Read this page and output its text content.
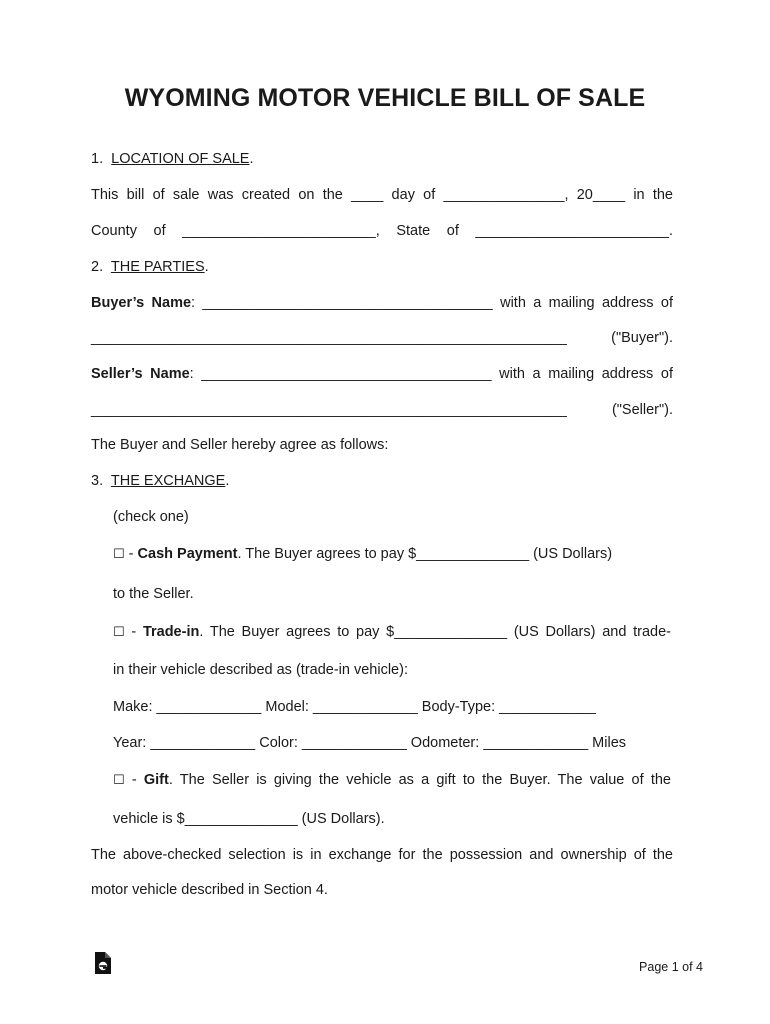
WYOMING MOTOR VEHICLE BILL OF SALE
1. LOCATION OF SALE.
This bill of sale was created on the ____ day of _______________, 20____ in the
County of ________________________, State of ________________________.
2. THE PARTIES.
Buyer’s Name: ____________________________________ with a mailing address of
___________________________________________________________ ("Buyer").
Seller’s Name: ____________________________________ with a mailing address of
___________________________________________________________ ("Seller").
The Buyer and Seller hereby agree as follows:
3. THE EXCHANGE.
(check one)
☐ - Cash Payment. The Buyer agrees to pay $______________ (US Dollars)
to the Seller.
☐ - Trade-in. The Buyer agrees to pay $______________ (US Dollars) and trade-
in their vehicle described as (trade-in vehicle):
Make: _____________ Model: _____________ Body-Type: ____________
Year: _____________ Color: _____________ Odometer: _____________ Miles
☐ - Gift. The Seller is giving the vehicle as a gift to the Buyer. The value of the
vehicle is $______________ (US Dollars).
The above-checked selection is in exchange for the possession and ownership of the
motor vehicle described in Section 4.
Page 1 of 4
